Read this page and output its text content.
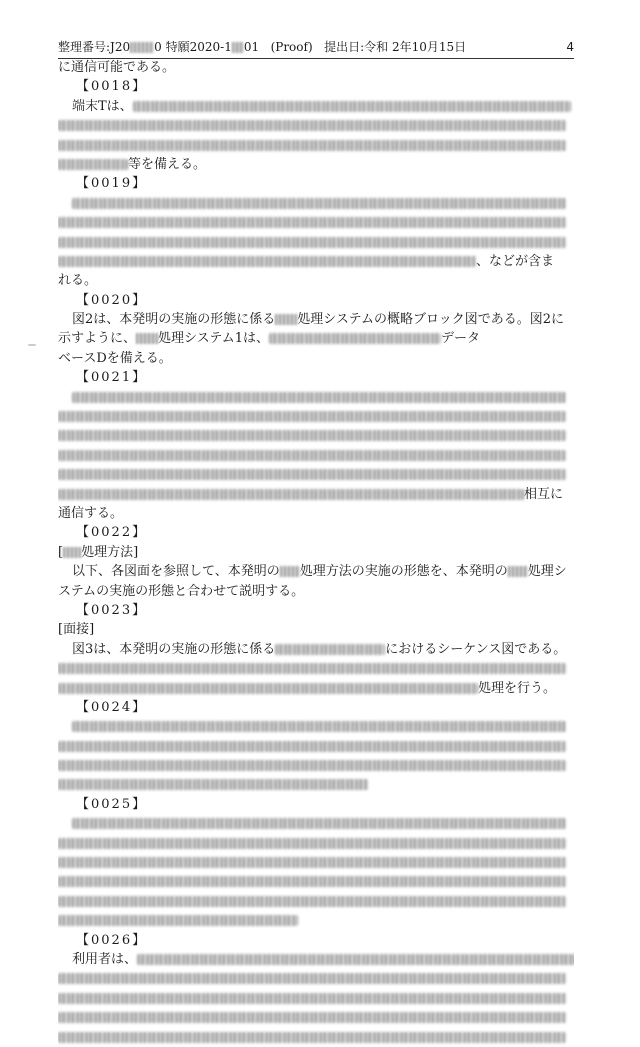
整理番号:J20 0 特願2020-1 01 (Proof) 提出日:令和 2年10月15日	4
に通信可能である。
【0018】
端末Tは、
等を備える。
【0019】
、などが含ま
れる。
【0020】
図2は、本発明の実施の形態に係る 処理システムの概略ブロック図である。図2に
示すように、 処理システム1は、	データ
ベースDを備える。
【0021】
相互に
通信する。
【0022】
[ 処理方法]
以下、各図面を参照して、本発明の 処理方法の実施の形態を、本発明の 処理シ
ステムの実施の形態と合わせて説明する。
【0023】
[面接]
図3は、本発明の実施の形態に係る	におけるシーケンス図である。
処理を行う。
【0024】
【0025】
【0026】
利用者は、
